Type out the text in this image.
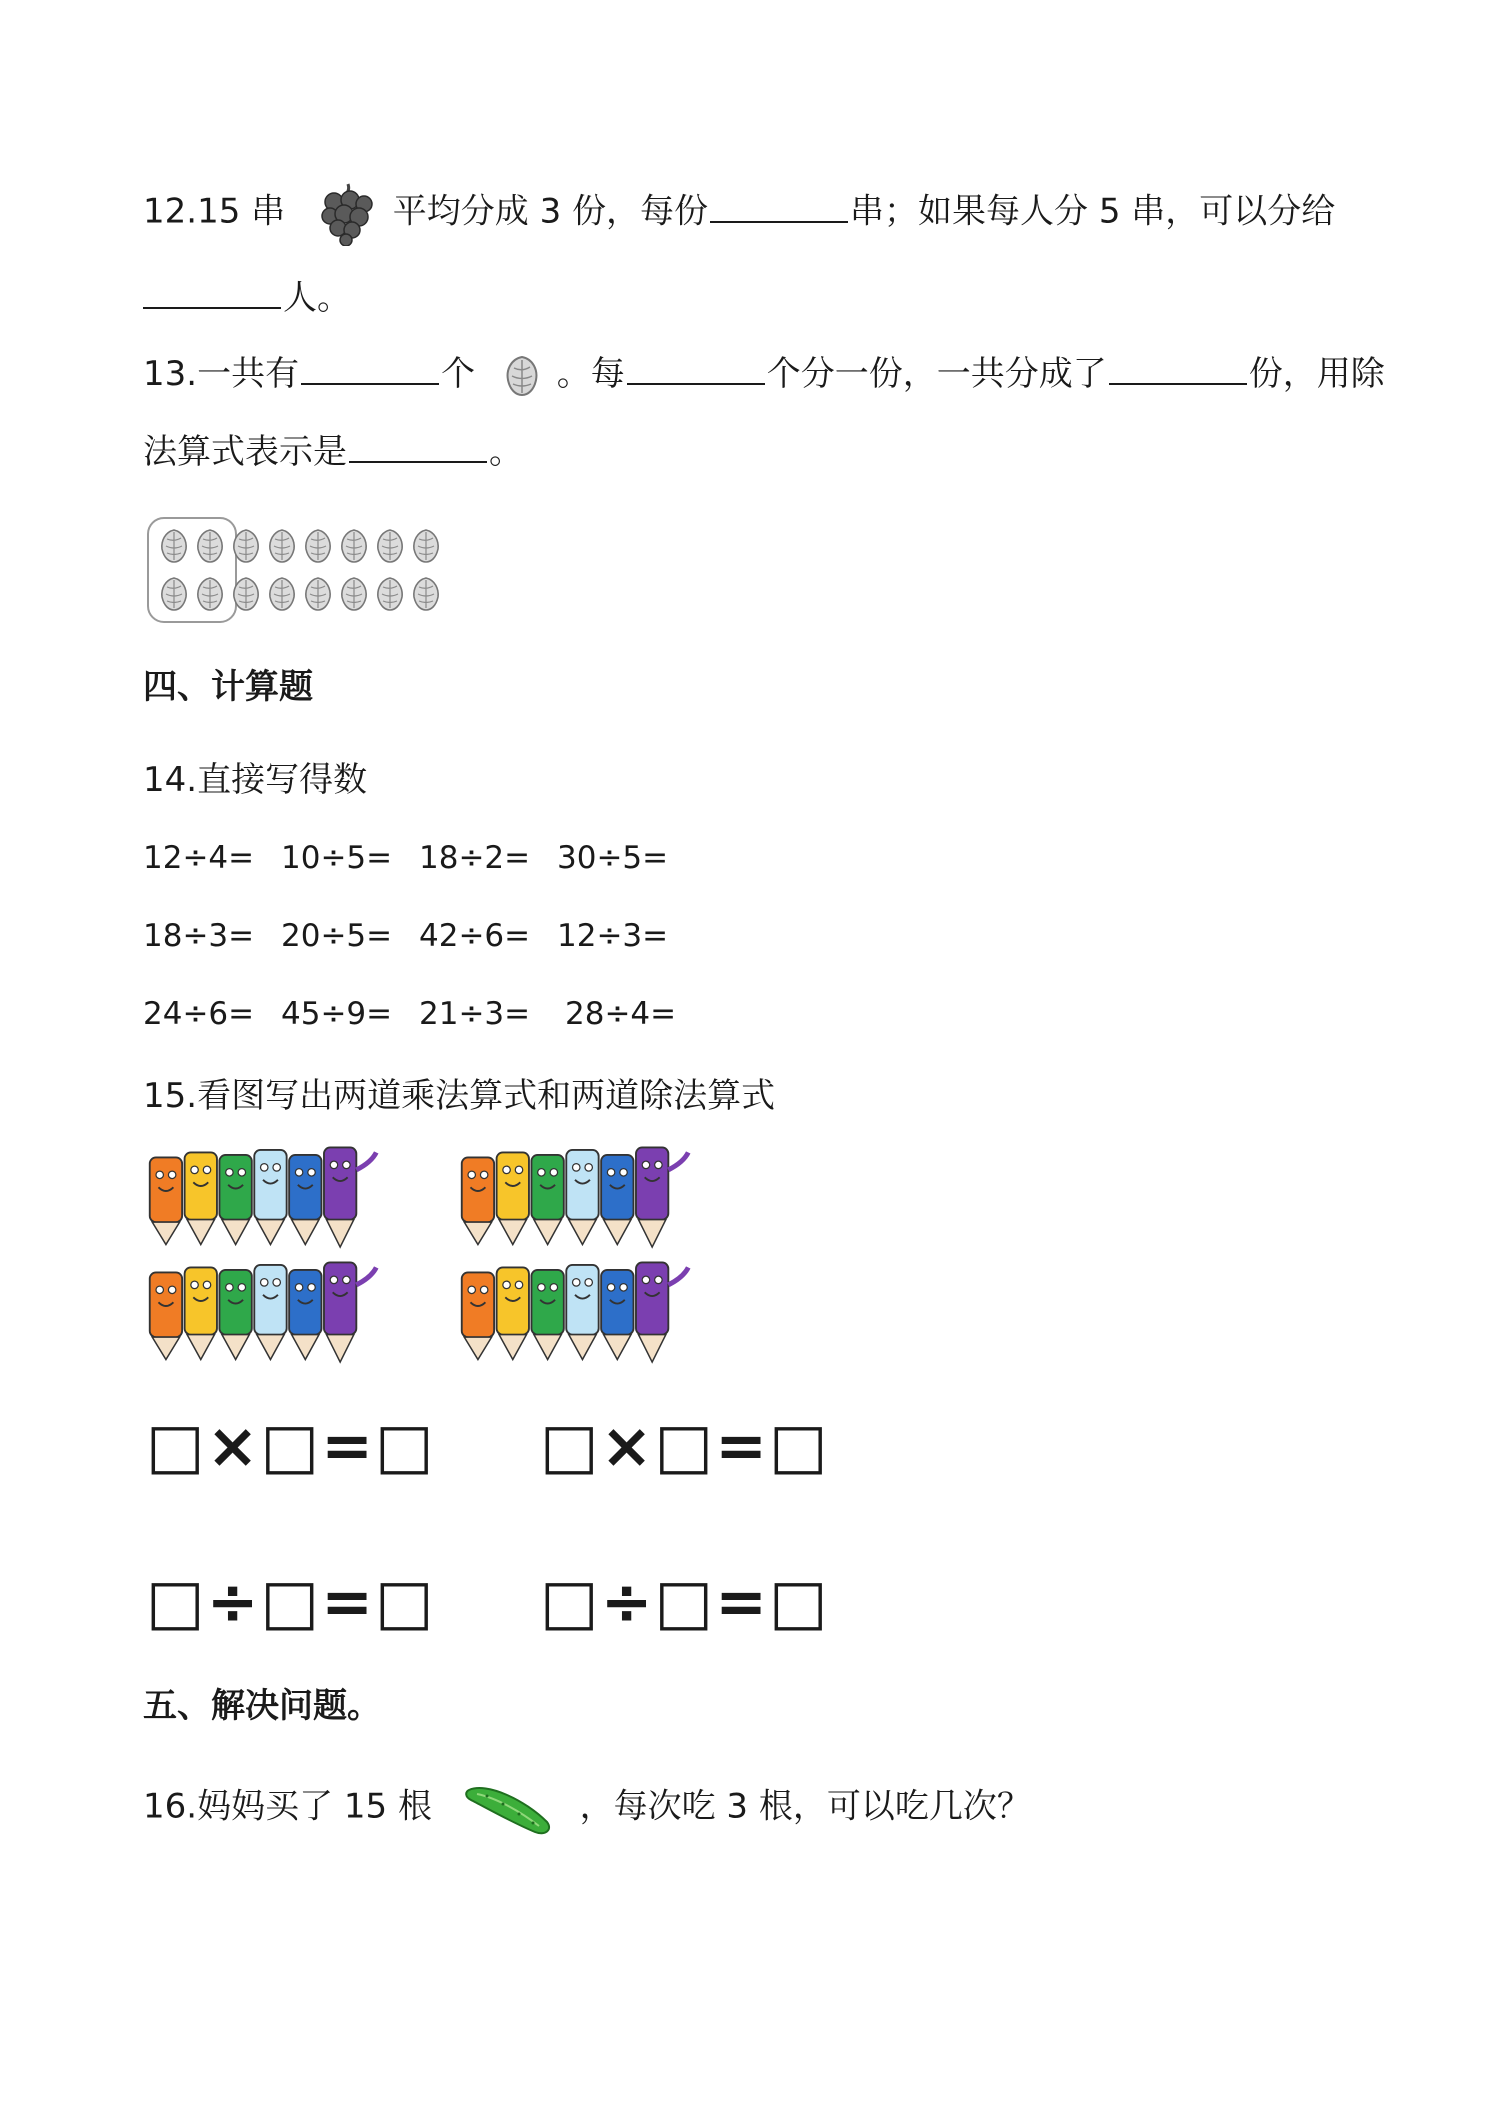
12.15 串	平均分成 3 份，每份	串；如果每人分 5 串，可以分给
人。
13.一共有	个 。每	个分一份，一共分成了	份，用除
法算式表示是	。
四、计算题
14.直接写得数
12÷4= 10÷5= 18÷2= 30÷5=
18÷3= 20÷5= 42÷6= 12÷3=
24÷6= 45÷9= 21÷3= 28÷4=
15.看图写出两道乘法算式和两道除法算式
□×□=□ □×□=□
□÷□=□ □÷□=□
五、解决问题。
16.妈妈买了 15 根	，每次吃 3 根，可以吃几次？
